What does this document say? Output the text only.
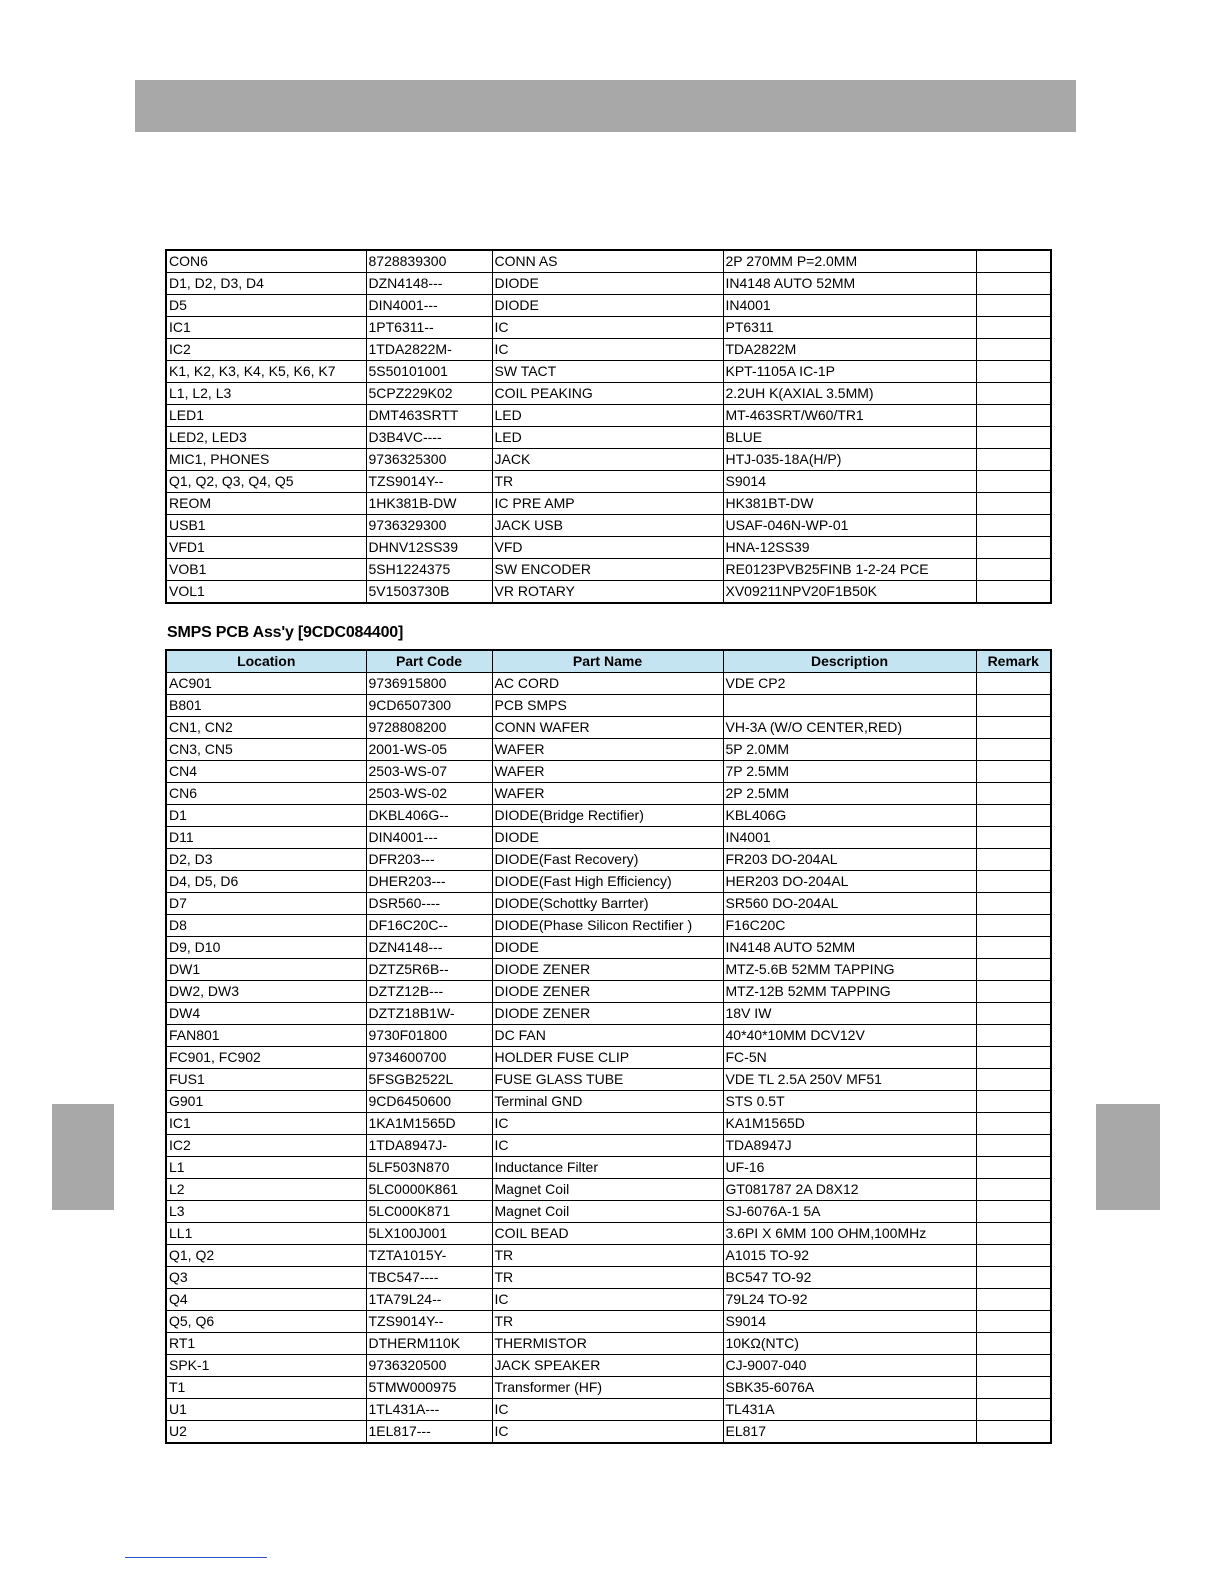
CON6	8728839300	CONN AS	2P 270MM P=2.0MM	
D1, D2, D3, D4	DZN4148---	DIODE	IN4148 AUTO 52MM	
D5	DIN4001---	DIODE	IN4001	
IC1	1PT6311--	IC	PT6311	
IC2	1TDA2822M-	IC	TDA2822M	
K1, K2, K3, K4, K5, K6, K7	5S50101001	SW TACT	KPT-1105A IC-1P	
L1, L2, L3	5CPZ229K02	COIL PEAKING	2.2UH K(AXIAL 3.5MM)	
LED1	DMT463SRTT	LED	MT-463SRT/W60/TR1	
LED2, LED3	D3B4VC----	LED	BLUE	
MIC1, PHONES	9736325300	JACK	HTJ-035-18A(H/P)	
Q1, Q2, Q3, Q4, Q5	TZS9014Y--	TR	S9014	
REOM	1HK381B-DW	IC PRE AMP	HK381BT-DW	
USB1	9736329300	JACK USB	USAF-046N-WP-01	
VFD1	DHNV12SS39	VFD	HNA-12SS39	
VOB1	5SH1224375	SW ENCODER	RE0123PVB25FINB 1-2-24 PCE	
VOL1	5V1503730B	VR ROTARY	XV09211NPV20F1B50K	
SMPS PCB Ass'y [9CDC084400]
Location	Part Code	Part Name	Description	Remark
AC901	9736915800	AC CORD	VDE CP2	
B801	9CD6507300	PCB SMPS		
CN1, CN2	9728808200	CONN WAFER	VH-3A (W/O CENTER,RED)	
CN3, CN5	2001-WS-05	WAFER	5P 2.0MM	
CN4	2503-WS-07	WAFER	7P 2.5MM	
CN6	2503-WS-02	WAFER	2P 2.5MM	
D1	DKBL406G--	DIODE(Bridge Rectifier)	KBL406G	
D11	DIN4001---	DIODE	IN4001	
D2, D3	DFR203---	DIODE(Fast Recovery)	FR203 DO-204AL	
D4, D5, D6	DHER203---	DIODE(Fast High Efficiency)	HER203 DO-204AL	
D7	DSR560----	DIODE(Schottky Barrter)	SR560 DO-204AL	
D8	DF16C20C--	DIODE(Phase Silicon Rectifier )	F16C20C	
D9, D10	DZN4148---	DIODE	IN4148 AUTO 52MM	
DW1	DZTZ5R6B--	DIODE ZENER	MTZ-5.6B 52MM TAPPING	
DW2, DW3	DZTZ12B---	DIODE ZENER	MTZ-12B 52MM TAPPING	
DW4	DZTZ18B1W-	DIODE ZENER	18V IW	
FAN801	9730F01800	DC FAN	40*40*10MM DCV12V	
FC901, FC902	9734600700	HOLDER FUSE CLIP	FC-5N	
FUS1	5FSGB2522L	FUSE GLASS TUBE	VDE TL 2.5A 250V MF51	
G901	9CD6450600	Terminal GND	STS 0.5T	
IC1	1KA1M1565D	IC	KA1M1565D	
IC2	1TDA8947J-	IC	TDA8947J	
L1	5LF503N870	Inductance Filter	UF-16	
L2	5LC0000K861	Magnet Coil	GT081787 2A D8X12	
L3	5LC000K871	Magnet Coil	SJ-6076A-1 5A	
LL1	5LX100J001	COIL BEAD	3.6PI X 6MM 100 OHM,100MHz	
Q1, Q2	TZTA1015Y-	TR	A1015 TO-92	
Q3	TBC547----	TR	BC547 TO-92	
Q4	1TA79L24--	IC	79L24 TO-92	
Q5, Q6	TZS9014Y--	TR	S9014	
RT1	DTHERM110K	THERMISTOR	10KΩ(NTC)	
SPK-1	9736320500	JACK SPEAKER	CJ-9007-040	
T1	5TMW000975	Transformer (HF)	SBK35-6076A	
U1	1TL431A---	IC	TL431A	
U2	1EL817---	IC	EL817	
